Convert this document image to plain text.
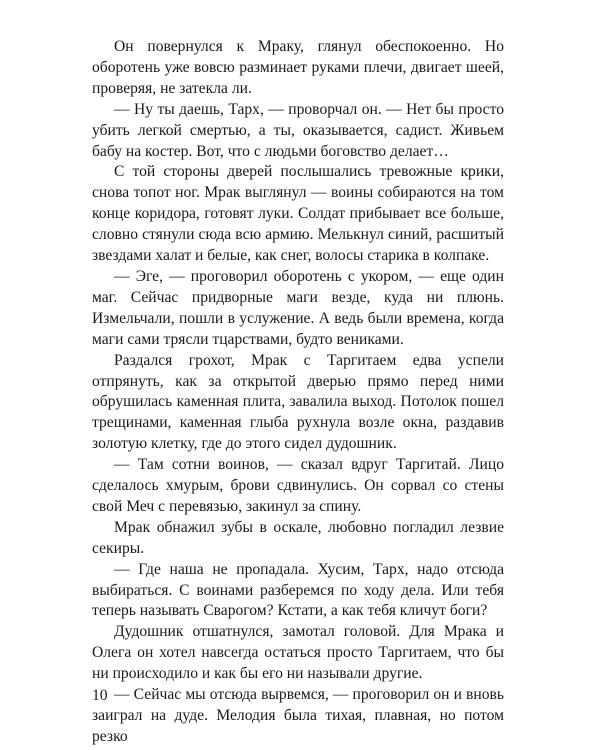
Он повернулся к Мраку, глянул обеспокоенно. Но оборотень уже вовсю разминает руками плечи, двигает шеей, проверяя, не затекла ли.

— Ну ты даешь, Тарх, — проворчал он. — Нет бы просто убить легкой смертью, а ты, оказывается, садист. Живьем бабу на костер. Вот, что с людьми боговство делает…

С той стороны дверей послышались тревожные крики, снова топот ног. Мрак выглянул — воины собираются на том конце коридора, готовят луки. Солдат прибывает все больше, словно стянули сюда всю армию. Мелькнул синий, расшитый звездами халат и белые, как снег, волосы старика в колпаке.

— Эге, — проговорил оборотень с укором, — еще один маг. Сейчас придворные маги везде, куда ни плюнь. Измельчали, пошли в услужение. А ведь были времена, когда маги сами трясли тцарствами, будто вениками.

Раздался грохот, Мрак с Таргитаем едва успели отпрянуть, как за открытой дверью прямо перед ними обрушилась каменная плита, завалила выход. Потолок пошел трещинами, каменная глыба рухнула возле окна, раздавив золотую клетку, где до этого сидел дудошник.

— Там сотни воинов, — сказал вдруг Таргитай. Лицо сделалось хмурым, брови сдвинулись. Он сорвал со стены свой Меч с перевязью, закинул за спину.

Мрак обнажил зубы в оскале, любовно погладил лезвие секиры.

— Где наша не пропадала. Хусим, Тарх, надо отсюда выбираться. С воинами разберемся по ходу дела. Или тебя теперь называть Сварогом? Кстати, а как тебя кличут боги?

Дудошник отшатнулся, замотал головой. Для Мрака и Олега он хотел навсегда остаться просто Таргитаем, что бы ни происходило и как бы его ни называли другие.

— Сейчас мы отсюда вырвемся, — проговорил он и вновь заиграл на дуде. Мелодия была тихая, плавная, но потом резко

10
